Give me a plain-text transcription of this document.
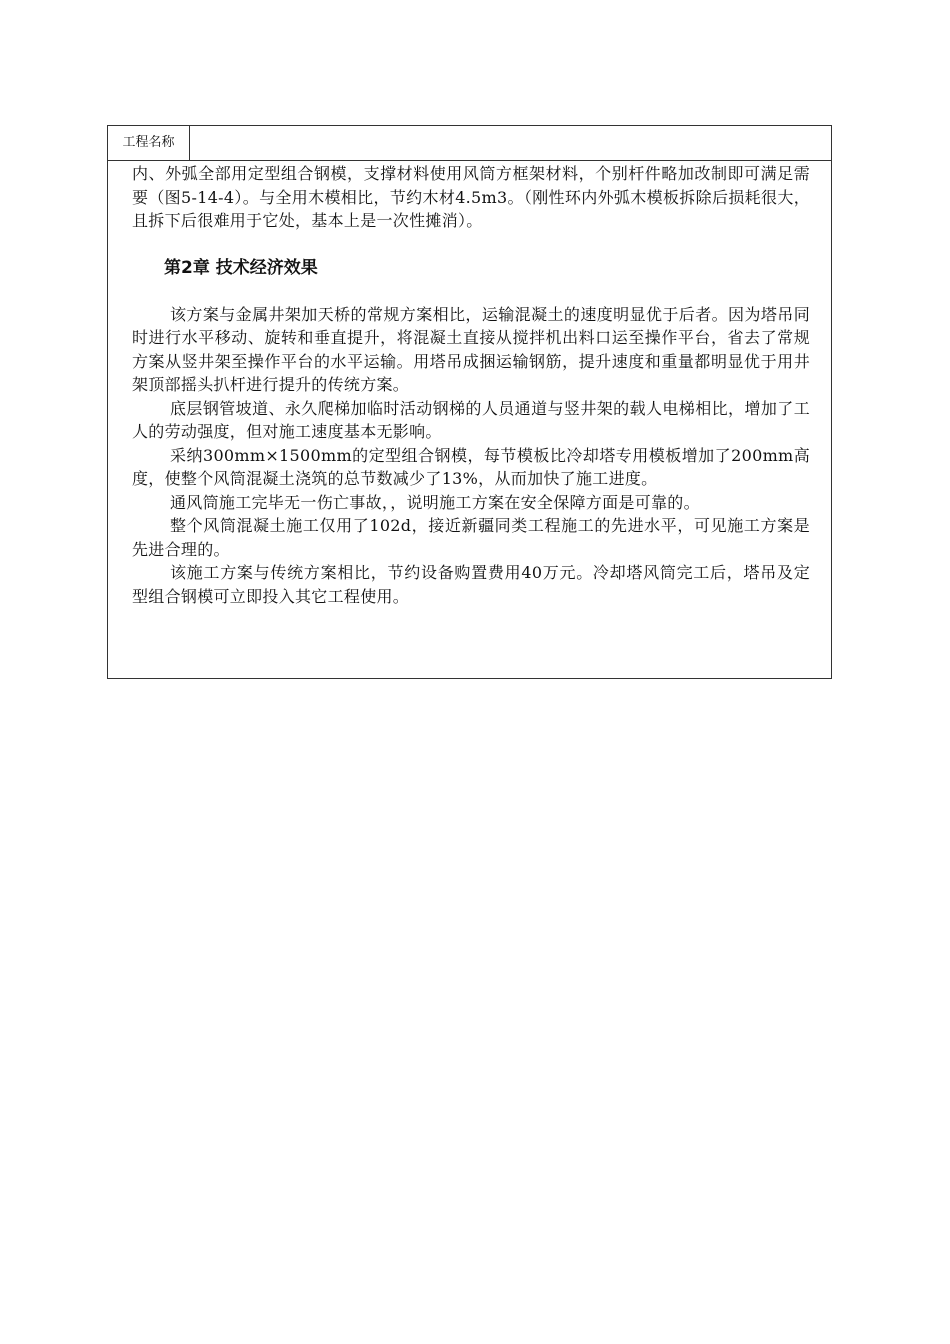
工程名称

内、外弧全部用定型组合钢模，支撑材料使用风筒方框架材料，个别杆件略加改制即可满足需要（图5-14-4）。与全用木模相比，节约木材4.5m3。（刚性环内外弧木模板拆除后损耗很大，且拆下后很难用于它处，基本上是一次性摊消）。

第2章 技术经济效果

该方案与金属井架加天桥的常规方案相比，运输混凝土的速度明显优于后者。因为塔吊同时进行水平移动、旋转和垂直提升，将混凝土直接从搅拌机出料口运至操作平台，省去了常规方案从竖井架至操作平台的水平运输。用塔吊成捆运输钢筋，提升速度和重量都明显优于用井架顶部摇头扒杆进行提升的传统方案。

底层钢管坡道、永久爬梯加临时活动钢梯的人员通道与竖井架的载人电梯相比，增加了工人的劳动强度，但对施工速度基本无影响。

采纳300mm×1500mm的定型组合钢模，每节模板比冷却塔专用模板增加了200mm高度，使整个风筒混凝土浇筑的总节数减少了13%，从而加快了施工进度。

通风筒施工完毕无一伤亡事故，，说明施工方案在安全保障方面是可靠的。

整个风筒混凝土施工仅用了102d，接近新疆同类工程施工的先进水平，可见施工方案是先进合理的。

该施工方案与传统方案相比，节约设备购置费用40万元。冷却塔风筒完工后，塔吊及定型组合钢模可立即投入其它工程使用。
